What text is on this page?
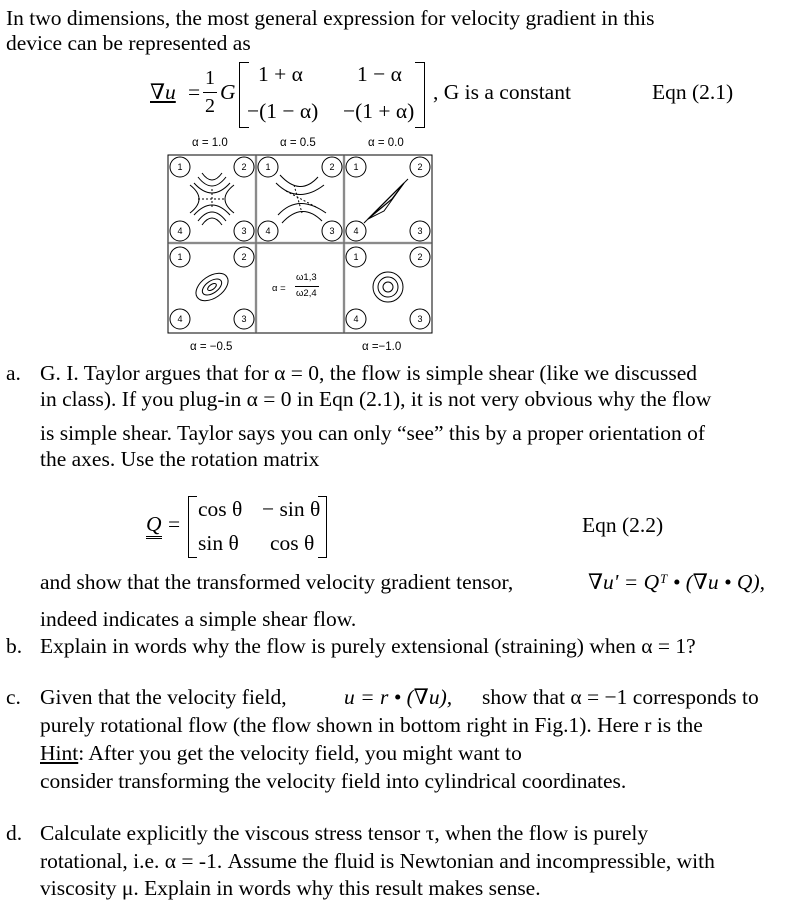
In two dimensions, the most general expression for velocity gradient in this
device can be represented as
∇u =
1
2
G
1 + α	1 − α
−(1 − α) −(1 + α)
, G is a constant	Eqn (2.1)
α = 1.0	α = 0.5	α = 0.0
α = −0.5	α =−1.0
1	2
3
4
1	2
3
4
1	2
3
4
1	2
3
4
1	2
3
4
α =
ω1,3
ω2,4
a. G. I. Taylor argues that for α = 0, the flow is simple shear (like we discussed
in class). If you plug-in α = 0 in Eqn (2.1), it is not very obvious why the flow
is simple shear. Taylor says you can only “see” this by a proper orientation of
the axes. Use the rotation matrix
Q =
cos θ − sin θ
sin θ cos θ
Eqn (2.2)
and show that the transformed velocity gradient tensor,	∇u' = Qᵀ • (∇u • Q),
indeed indicates a simple shear flow.
b. Explain in words why the flow is purely extensional (straining) when α = 1?
c. Given that the velocity field,	u = r • (∇u), show that α = −1 corresponds to
purely rotational flow (the flow shown in bottom right in Fig.1). Here r is the
Hint: After you get the velocity field, you might want to
consider transforming the velocity field into cylindrical coordinates.
d. Calculate explicitly the viscous stress tensor τ, when the flow is purely
rotational, i.e. α = -1. Assume the fluid is Newtonian and incompressible, with
viscosity μ. Explain in words why this result makes sense.
